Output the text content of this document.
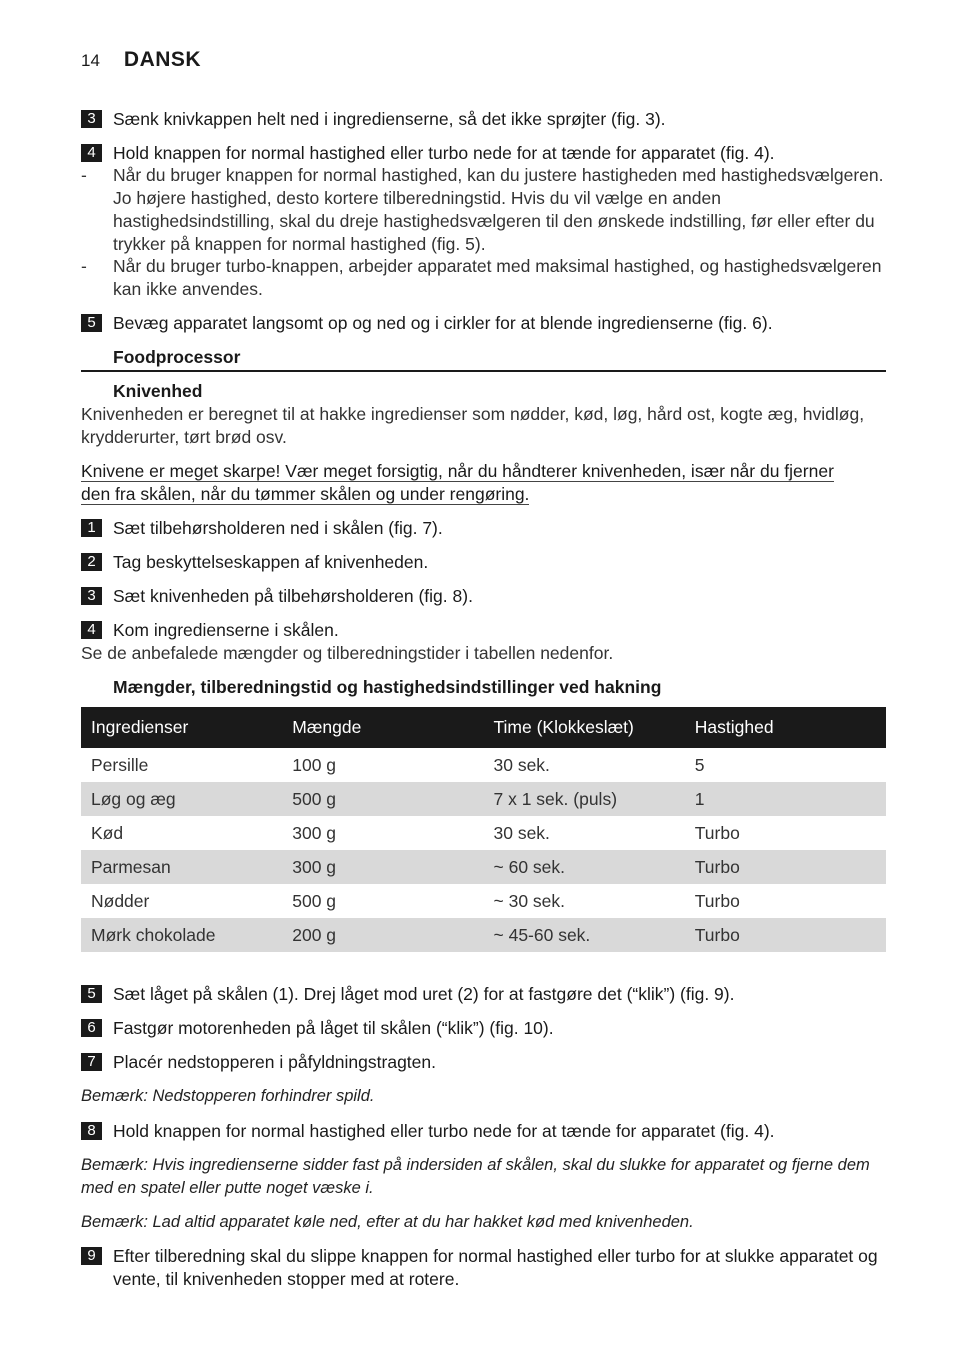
14 DANSK
3 Sænk knivkappen helt ned i ingredienserne, så det ikke sprøjter (fig. 3).
4 Hold knappen for normal hastighed eller turbo nede for at tænde for apparatet (fig. 4).
-	Når du bruger knappen for normal hastighed, kan du justere hastigheden med hastighedsvælgeren. Jo højere hastighed, desto kortere tilberedningstid. Hvis du vil vælge en anden hastighedsindstilling, skal du dreje hastighedsvælgeren til den ønskede indstilling, før eller efter du trykker på knappen for normal hastighed (fig. 5).
-	Når du bruger turbo-knappen, arbejder apparatet med maksimal hastighed, og hastighedsvælgeren kan ikke anvendes.
5 Bevæg apparatet langsomt op og ned og i cirkler for at blende ingredienserne (fig. 6).
Foodprocessor
Knivenhed
Knivenheden er beregnet til at hakke ingredienser som nødder, kød, løg, hård ost, kogte æg, hvidløg, krydderurter, tørt brød osv.
Knivene er meget skarpe! Vær meget forsigtig, når du håndterer knivenheden, især når du fjerner
den fra skålen, når du tømmer skålen og under rengøring.
1 Sæt tilbehørsholderen ned i skålen (fig. 7).
2 Tag beskyttelseskappen af knivenheden.
3 Sæt knivenheden på tilbehørsholderen (fig. 8).
4 Kom ingredienserne i skålen.
Se de anbefalede mængder og tilberedningstider i tabellen nedenfor.
Mængder, tilberedningstid og hastighedsindstillinger ved hakning
Ingredienser	Mængde	Time (Klokkeslæt)	Hastighed
Persille	100 g	30 sek.	5
Løg og æg	500 g	7 x 1 sek. (puls)	1
Kød	300 g	30 sek.	Turbo
Parmesan	300 g	~ 60 sek.	Turbo
Nødder	500 g	~ 30 sek.	Turbo
Mørk chokolade	200 g	~ 45-60 sek.	Turbo
5 Sæt låget på skålen (1). Drej låget mod uret (2) for at fastgøre det (“klik”) (fig. 9).
6 Fastgør motorenheden på låget til skålen (“klik”) (fig. 10).
7 Placér nedstopperen i påfyldningstragten.
Bemærk: Nedstopperen forhindrer spild.
8 Hold knappen for normal hastighed eller turbo nede for at tænde for apparatet (fig. 4).
Bemærk: Hvis ingredienserne sidder fast på indersiden af skålen, skal du slukke for apparatet og fjerne dem med en spatel eller putte noget væske i.
Bemærk: Lad altid apparatet køle ned, efter at du har hakket kød med knivenheden.
9 Efter tilberedning skal du slippe knappen for normal hastighed eller turbo for at slukke apparatet og vente, til knivenheden stopper med at rotere.
